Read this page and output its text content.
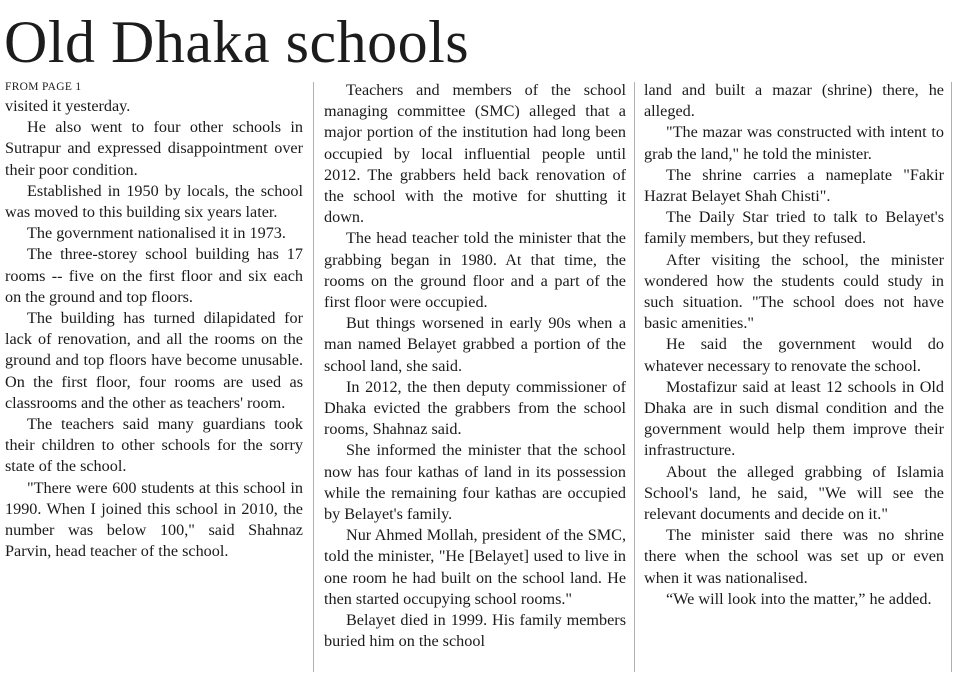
Old Dhaka schools
FROM PAGE 1

visited it yesterday.

He also went to four other schools in Sutrapur and expressed disappointment over their poor condition.

Established in 1950 by locals, the school was moved to this building six years later.

The government nationalised it in 1973.

The three-storey school building has 17 rooms -- five on the first floor and six each on the ground and top floors.

The building has turned dilapidated for lack of renovation, and all the rooms on the ground and top floors have become unusable. On the first floor, four rooms are used as classrooms and the other as teachers' room.

The teachers said many guardians took their children to other schools for the sorry state of the school.

"There were 600 students at this school in 1990. When I joined this school in 2010, the number was below 100," said Shahnaz Parvin, head teacher of the school.

Teachers and members of the school managing committee (SMC) alleged that a major portion of the institution had long been occupied by local influential people until 2012. The grabbers held back renovation of the school with the motive for shutting it down.

The head teacher told the minister that the grabbing began in 1980. At that time, the rooms on the ground floor and a part of the first floor were occupied.

But things worsened in early 90s when a man named Belayet grabbed a portion of the school land, she said.

In 2012, the then deputy commissioner of Dhaka evicted the grabbers from the school rooms, Shahnaz said.

She informed the minister that the school now has four kathas of land in its possession while the remaining four kathas are occupied by Belayet's family.

Nur Ahmed Mollah, president of the SMC, told the minister, "He [Belayet] used to live in one room he had built on the school land. He then started occupying school rooms."

Belayet died in 1999. His family members buried him on the school

land and built a mazar (shrine) there, he alleged.

"The mazar was constructed with intent to grab the land," he told the minister.

The shrine carries a nameplate "Fakir Hazrat Belayet Shah Chisti".

The Daily Star tried to talk to Belayet's family members, but they refused.

After visiting the school, the minister wondered how the students could study in such situation. "The school does not have basic amenities."

He said the government would do whatever necessary to renovate the school.

Mostafizur said at least 12 schools in Old Dhaka are in such dismal condition and the government would help them improve their infrastructure.

About the alleged grabbing of Islamia School's land, he said, "We will see the relevant documents and decide on it."

The minister said there was no shrine there when the school was set up or even when it was nationalised.

“We will look into the matter,” he added.
